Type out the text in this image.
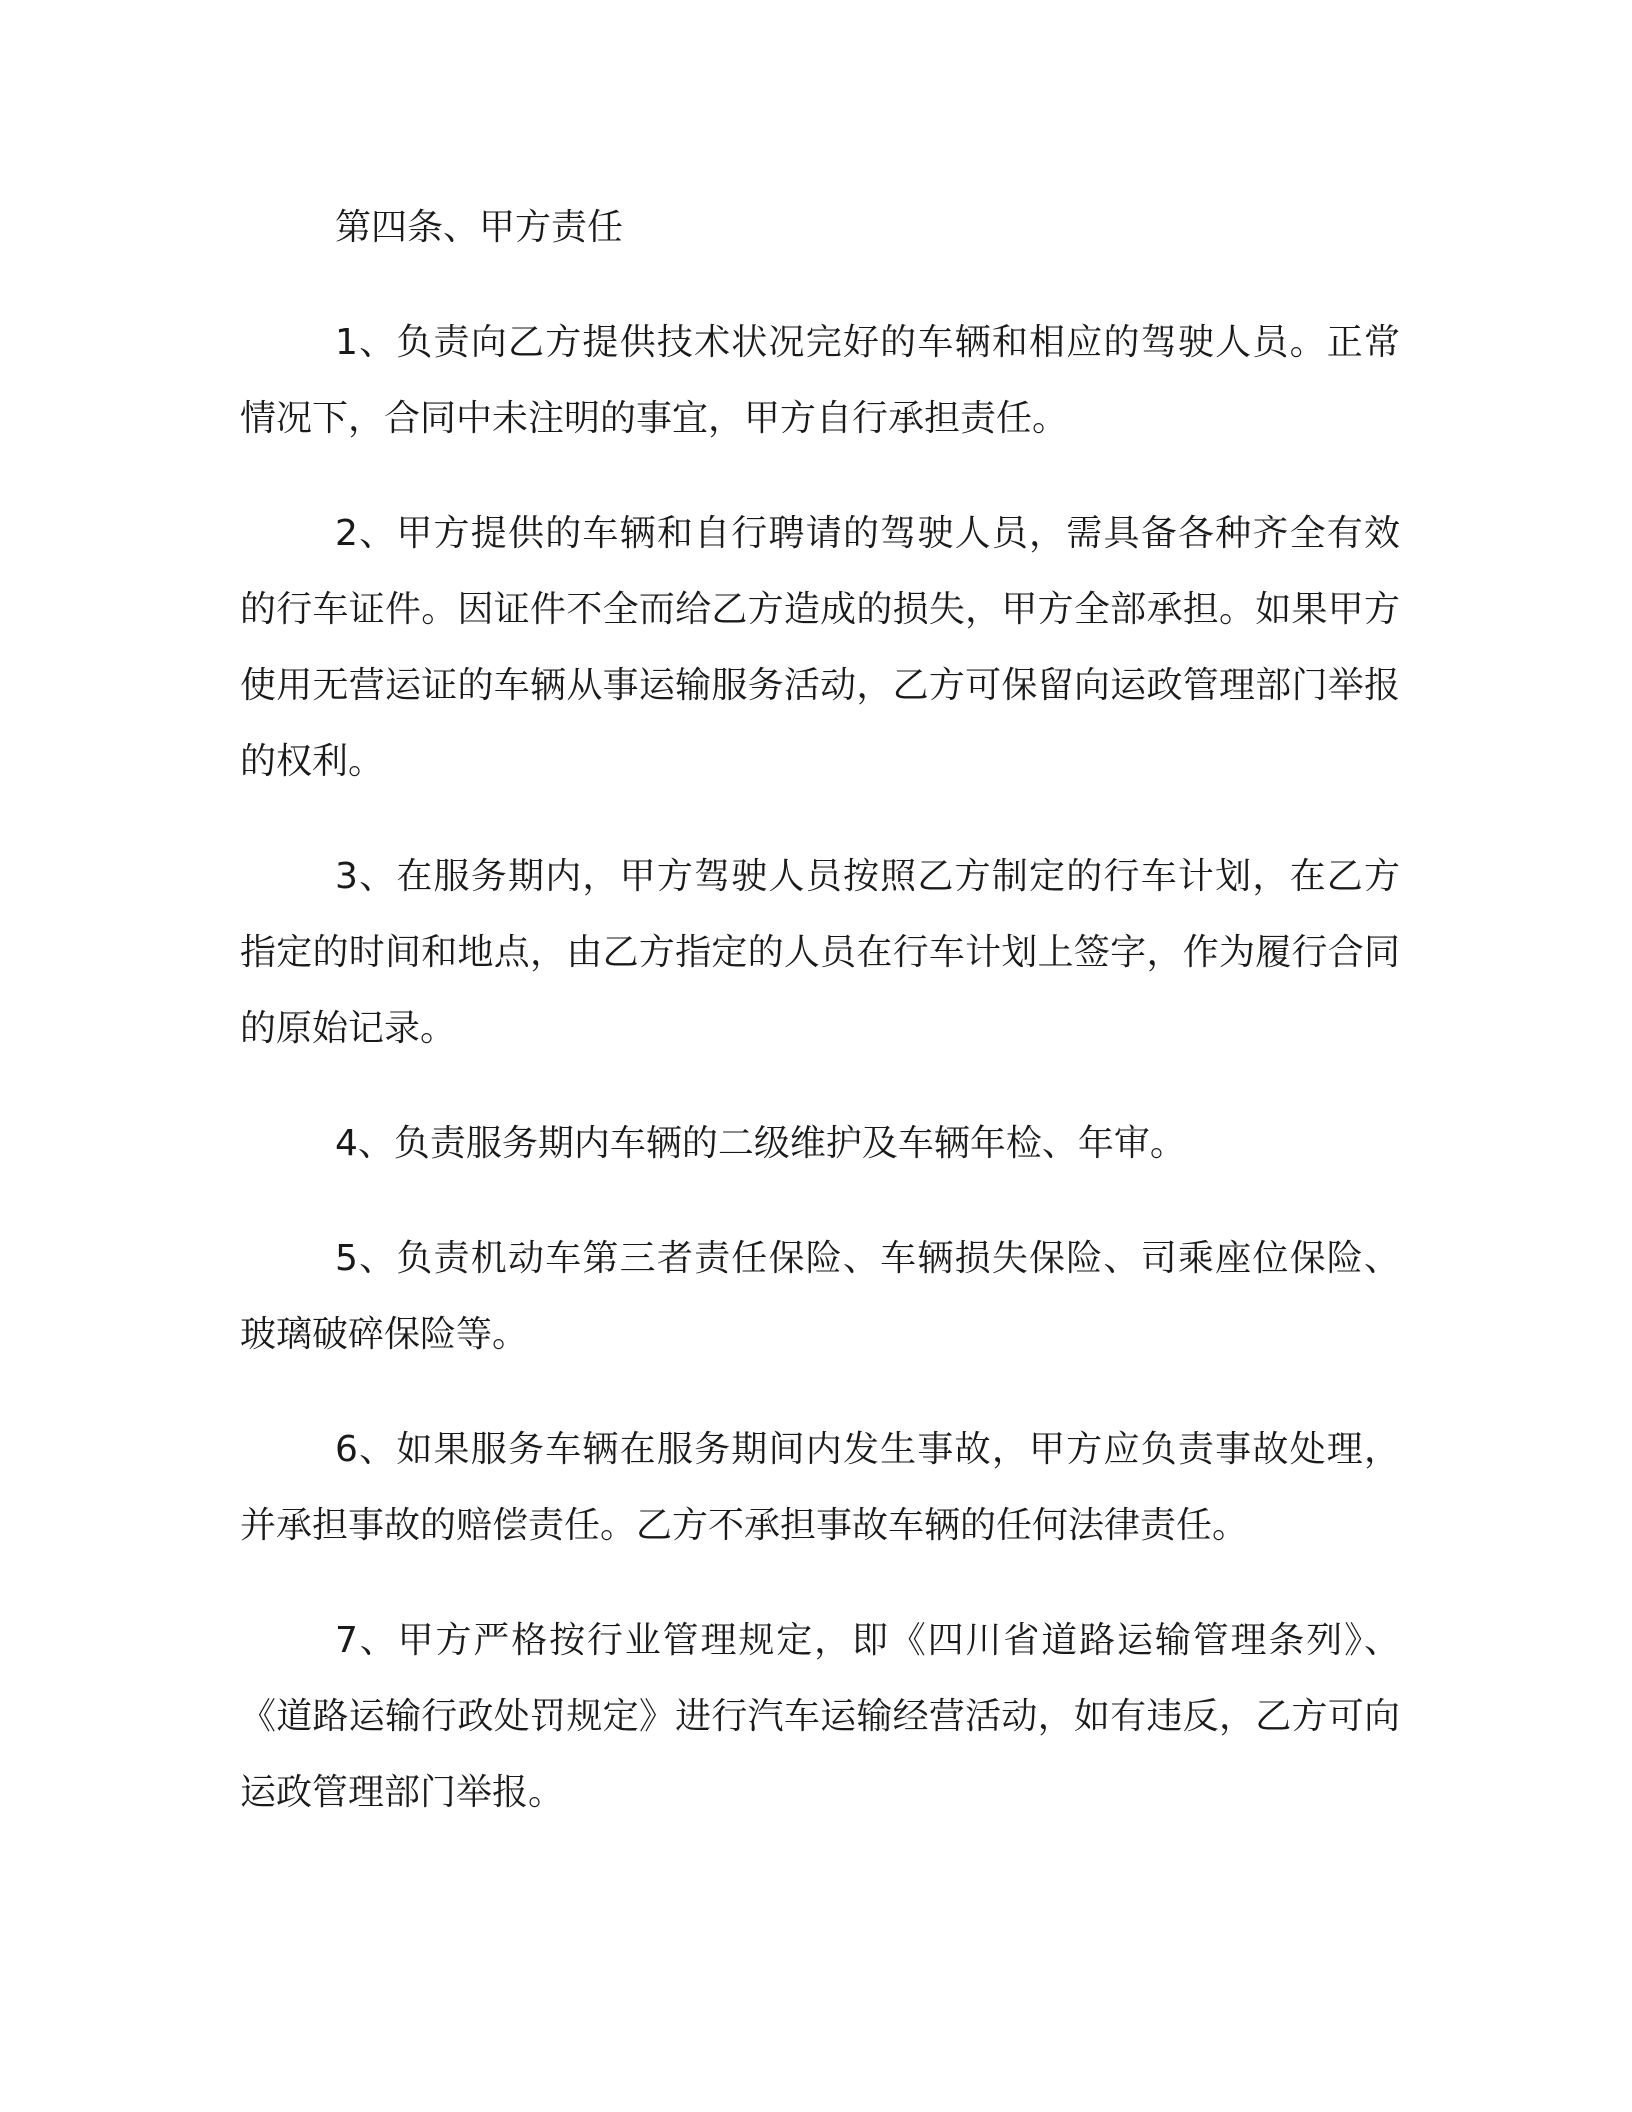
第四条、甲方责任

1、负责向乙方提供技术状况完好的车辆和相应的驾驶人员。正常情况下，合同中未注明的事宜，甲方自行承担责任。

2、甲方提供的车辆和自行聘请的驾驶人员，需具备各种齐全有效的行车证件。因证件不全而给乙方造成的损失，甲方全部承担。如果甲方使用无营运证的车辆从事运输服务活动，乙方可保留向运政管理部门举报的权利。

3、在服务期内，甲方驾驶人员按照乙方制定的行车计划，在乙方指定的时间和地点，由乙方指定的人员在行车计划上签字，作为履行合同的原始记录。

4、负责服务期内车辆的二级维护及车辆年检、年审。

5、负责机动车第三者责任保险、车辆损失保险、司乘座位保险、玻璃破碎保险等。

6、如果服务车辆在服务期间内发生事故，甲方应负责事故处理，并承担事故的赔偿责任。乙方不承担事故车辆的任何法律责任。

7、甲方严格按行业管理规定，即《四川省道路运输管理条列》、《道路运输行政处罚规定》进行汽车运输经营活动，如有违反，乙方可向运政管理部门举报。
